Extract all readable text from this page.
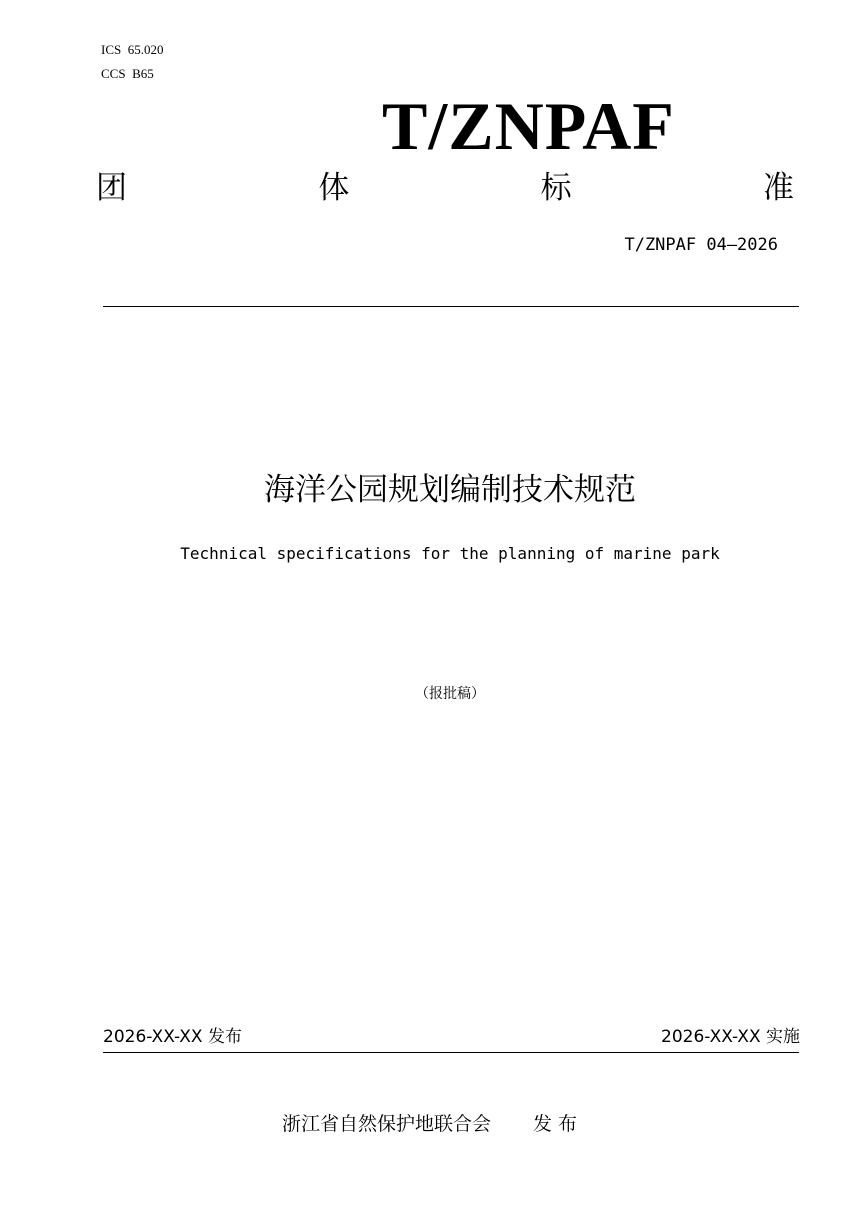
ICS  65.020
CCS  B65
T/ZNPAF
团	体	标	准
T/ZNPAF 04—2026
海洋公园规划编制技术规范
Technical specifications for the planning of marine park
（报批稿）
2026-XX-XX 发布	2026-XX-XX 实施
浙江省自然保护地联合会 发 布
